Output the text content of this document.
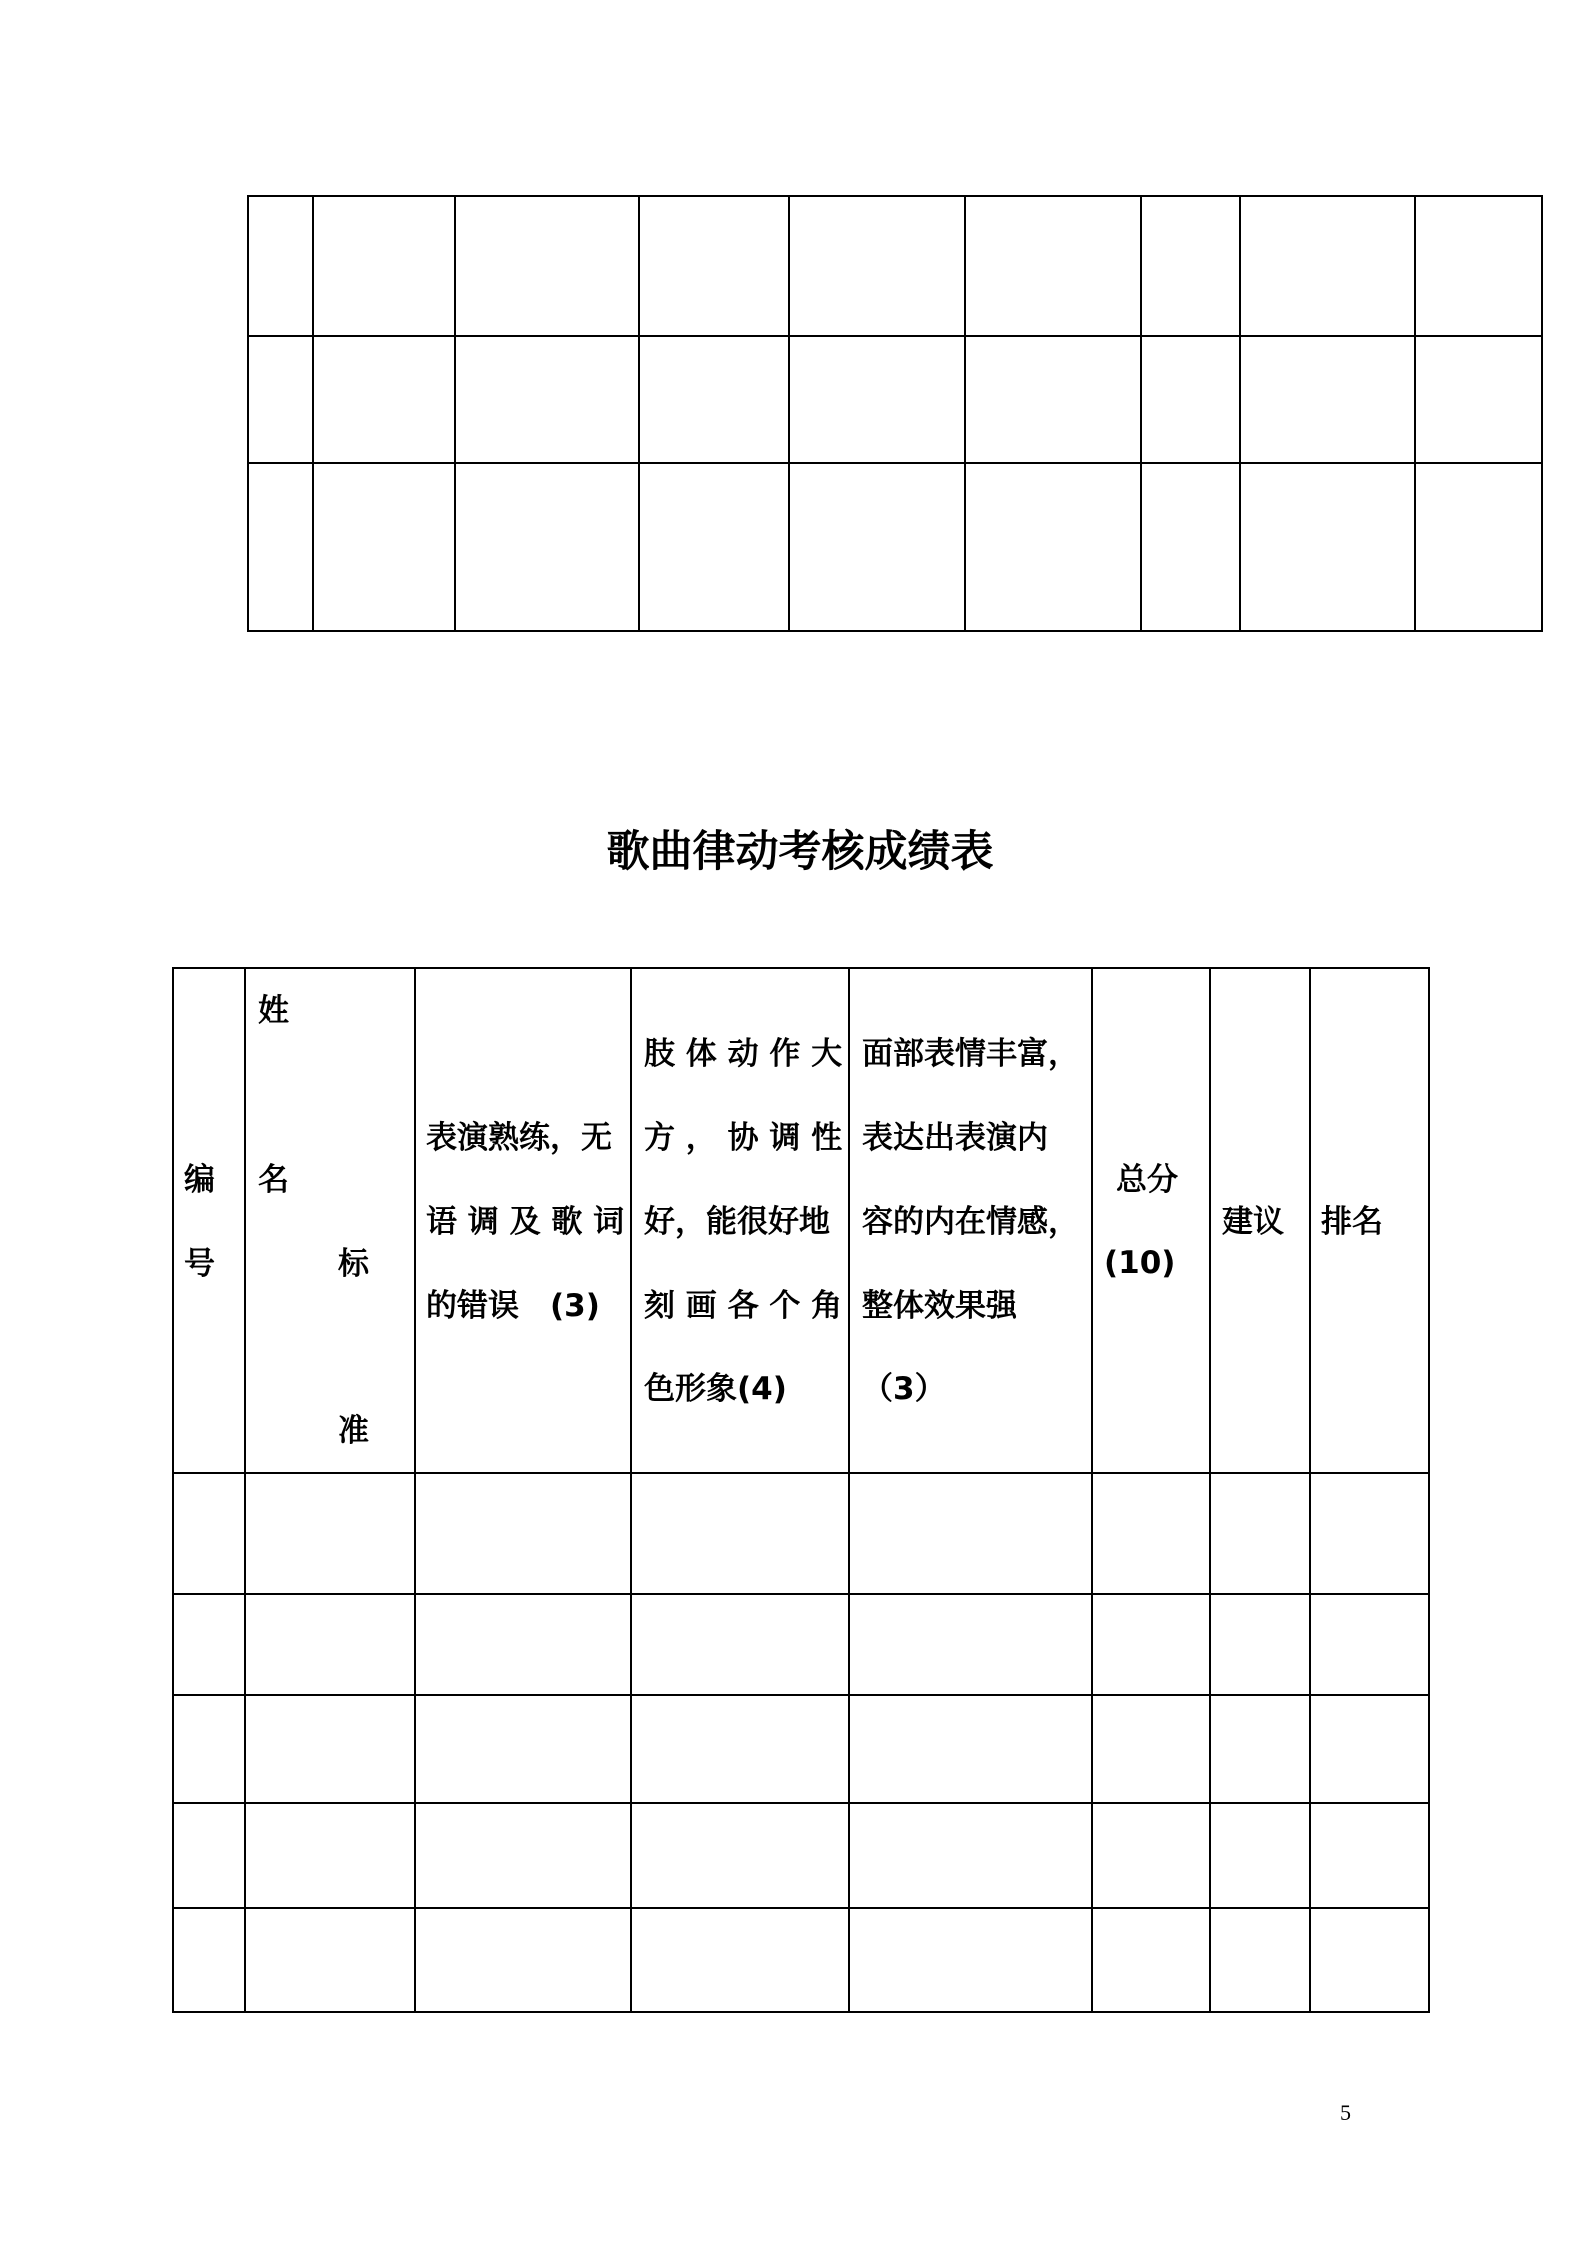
歌曲律动考核成绩表
编
号
姓
名
标
准
表演熟练，无
语 调 及 歌 词
的错误　(3)
肢 体 动 作 大
方 ， 协 调 性
好，能很好地
刻 画 各 个 角
色形象(4)
面部表情丰富，
表达出表演内
容的内在情感，
整体效果强
（3）
总分
(10)
建议 排名
5
